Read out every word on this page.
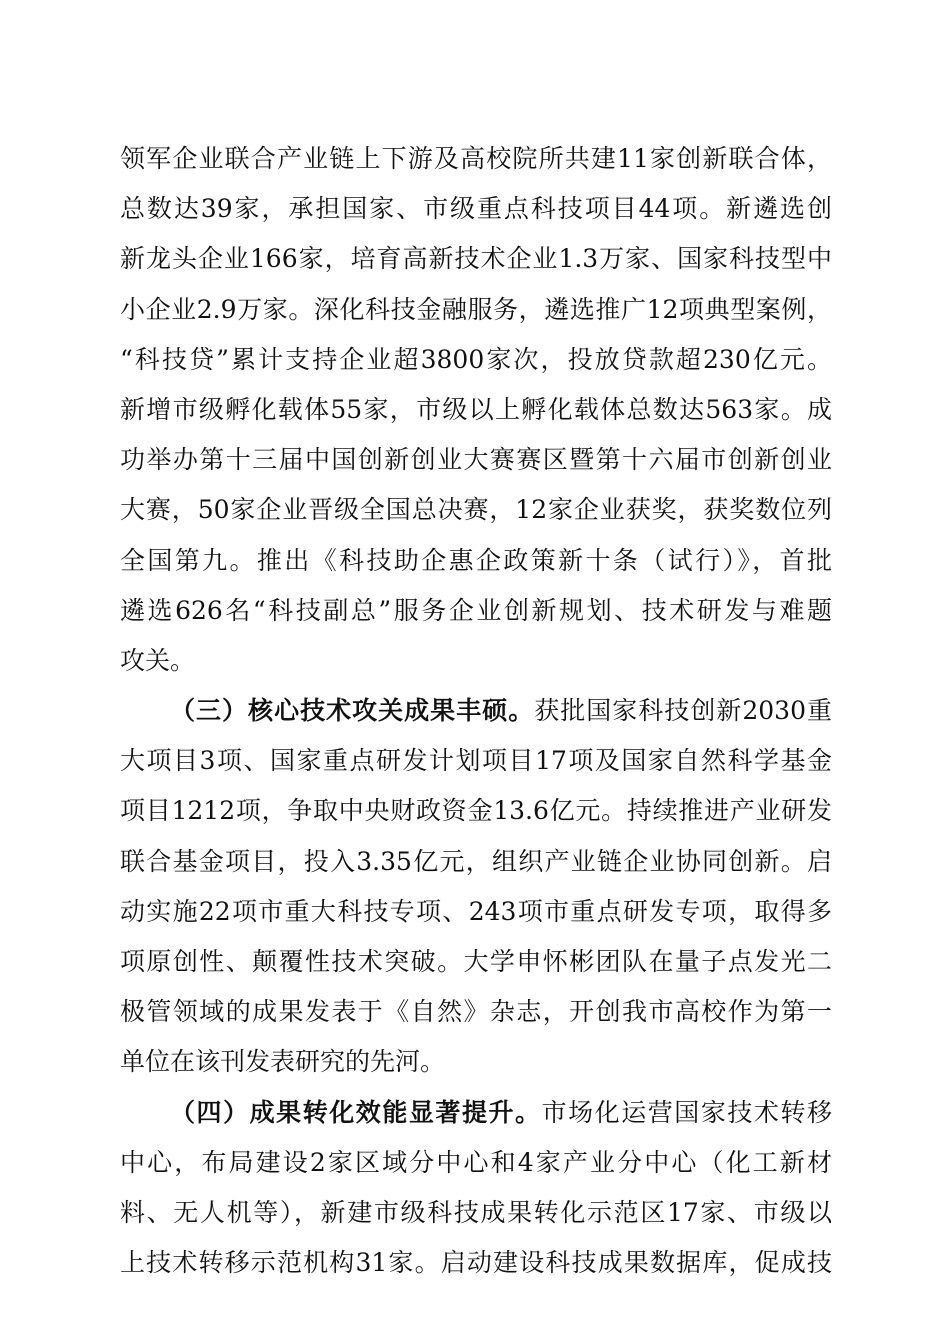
领军企业联合产业链上下游及高校院所共建11家创新联合体，
总数达39家，承担国家、市级重点科技项目44项。新遴选创
新龙头企业166家，培育高新技术企业1.3万家、国家科技型中
小企业2.9万家。深化科技金融服务，遴选推广12项典型案例，
“科技贷”累计支持企业超3800家次，投放贷款超230亿元。
新增市级孵化载体55家，市级以上孵化载体总数达563家。成
功举办第十三届中国创新创业大赛赛区暨第十六届市创新创业
大赛，50家企业晋级全国总决赛，12家企业获奖，获奖数位列
全国第九。推出《科技助企惠企政策新十条（试行）》，首批
遴选626名“科技副总”服务企业创新规划、技术研发与难题
攻关。
（三）核心技术攻关成果丰硕。获批国家科技创新2030重
大项目3项、国家重点研发计划项目17项及国家自然科学基金
项目1212项，争取中央财政资金13.6亿元。持续推进产业研发
联合基金项目，投入3.35亿元，组织产业链企业协同创新。启
动实施22项市重大科技专项、243项市重点研发专项，取得多
项原创性、颠覆性技术突破。大学申怀彬团队在量子点发光二
极管领域的成果发表于《自然》杂志，开创我市高校作为第一
单位在该刊发表研究的先河。
（四）成果转化效能显著提升。市场化运营国家技术转移
中心，布局建设2家区域分中心和4家产业分中心（化工新材
料、无人机等），新建市级科技成果转化示范区17家、市级以
上技术转移示范机构31家。启动建设科技成果数据库，促成技
